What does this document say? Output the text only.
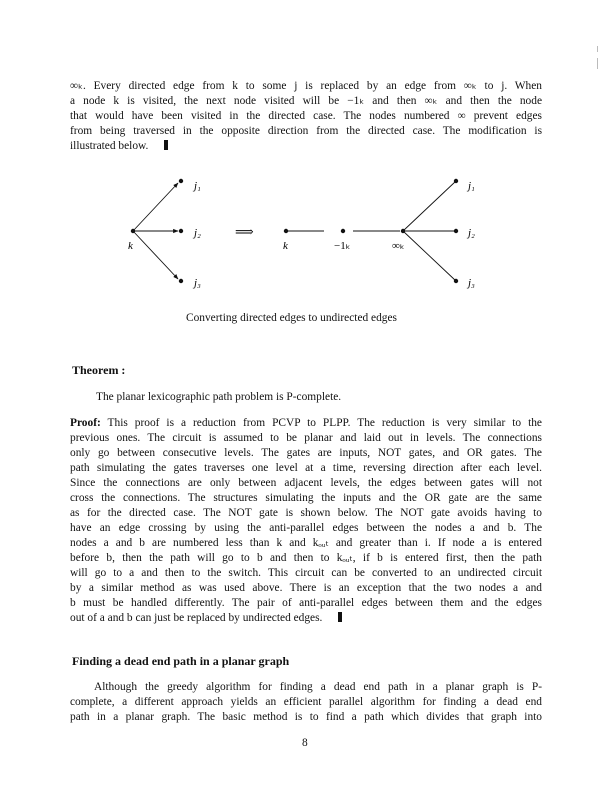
∞ₖ. Every directed edge from k to some j is replaced by an edge from ∞ₖ to j. When
a node k is visited, the next node visited will be −1ₖ and then ∞ₖ and then the node
that would have been visited in the directed case. The nodes numbered ∞ prevent edges
from being traversed in the opposite direction from the directed case. The modification is
illustrated below.
k
j₁
j₂
j₃
⟹
k	−1ₖ	∞ₖ
j₁
j₂
j₃
Converting directed edges to undirected edges
Theorem :
The planar lexicographic path problem is P-complete.
Proof: This proof is a reduction from PCVP to PLPP. The reduction is very similar to the
previous ones. The circuit is assumed to be planar and laid out in levels. The connections
only go between consecutive levels. The gates are inputs, NOT gates, and OR gates. The
path simulating the gates traverses one level at a time, reversing direction after each level.
Since the connections are only between adjacent levels, the edges between gates will not
cross the connections. The structures simulating the inputs and the OR gate are the same
as for the directed case. The NOT gate is shown below. The NOT gate avoids having to
have an edge crossing by using the anti-parallel edges between the nodes a and b. The
nodes a and b are numbered less than k and kₒᵤₜ and greater than i. If node a is entered
before b, then the path will go to b and then to kₒᵤₜ, if b is entered first, then the path
will go to a and then to the switch. This circuit can be converted to an undirected circuit
by a similar method as was used above. There is an exception that the two nodes a and
b must be handled differently. The pair of anti-parallel edges between them and the edges
out of a and b can just be replaced by undirected edges.
Finding a dead end path in a planar graph
Although the greedy algorithm for finding a dead end path in a planar graph is P-
complete, a different approach yields an efficient parallel algorithm for finding a dead end
path in a planar graph. The basic method is to find a path which divides that graph into
8
